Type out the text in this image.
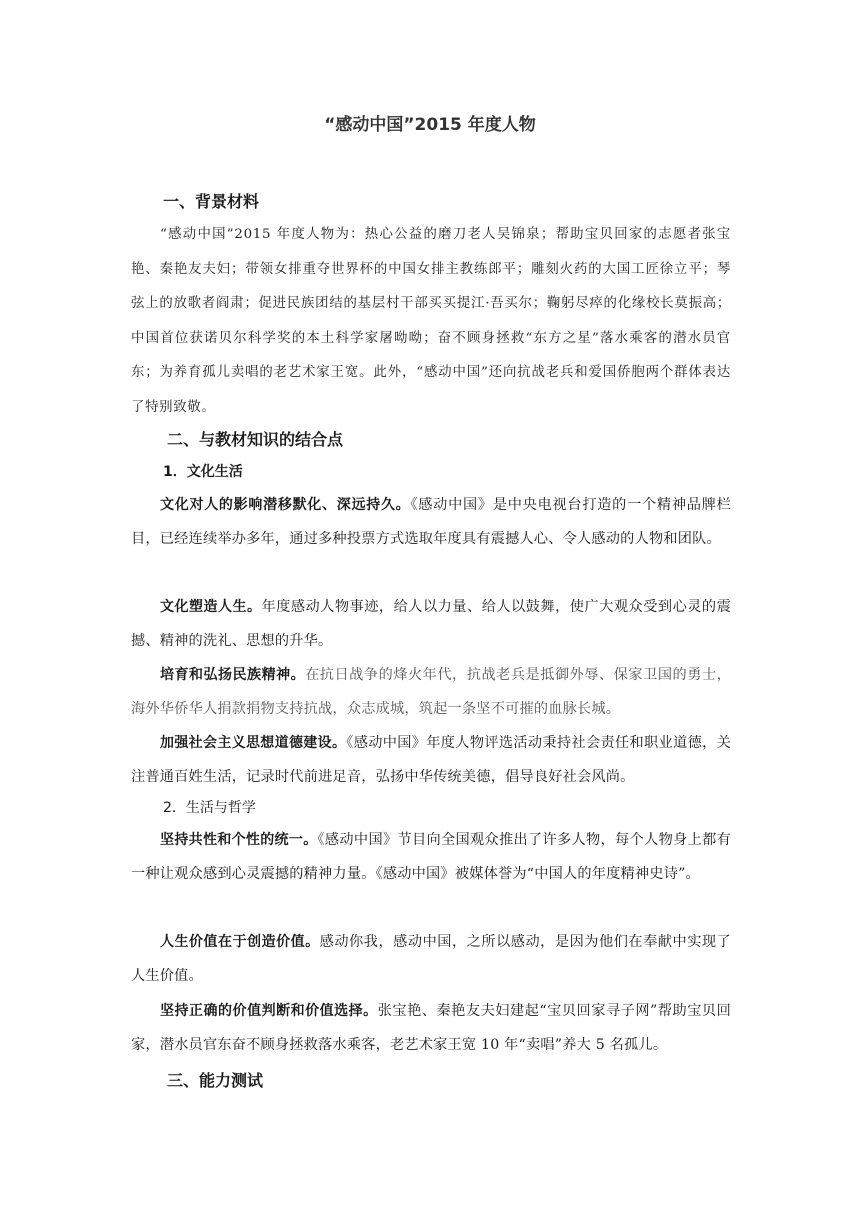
“感动中国”2015 年度人物
一、背景材料
“感动中国”2015 年度人物为：热心公益的磨刀老人吴锦泉；帮助宝贝回家的志愿者张宝艳、秦艳友夫妇；带领女排重夺世界杯的中国女排主教练郎平；雕刻火药的大国工匠徐立平；琴弦上的放歌者阎肃；促进民族团结的基层村干部买买提江·吾买尔；鞠躬尽瘁的化缘校长莫振高；中国首位获诺贝尔科学奖的本土科学家屠呦呦；奋不顾身拯救“东方之星”落水乘客的潜水员官东；为养育孤儿卖唱的老艺术家王宽。此外，“感动中国”还向抗战老兵和爱国侨胞两个群体表达了特别致敬。
二、与教材知识的结合点
1．文化生活
文化对人的影响潜移默化、深远持久。《感动中国》是中央电视台打造的一个精神品牌栏目，已经连续举办多年，通过多种投票方式选取年度具有震撼人心、令人感动的人物和团队。
文化塑造人生。年度感动人物事迹，给人以力量、给人以鼓舞，使广大观众受到心灵的震撼、精神的洗礼、思想的升华。
培育和弘扬民族精神。在抗日战争的烽火年代，抗战老兵是抵御外辱、保家卫国的勇士，海外华侨华人捐款捐物支持抗战，众志成城，筑起一条坚不可摧的血脉长城。
加强社会主义思想道德建设。《感动中国》年度人物评选活动秉持社会责任和职业道德，关注普通百姓生活，记录时代前进足音，弘扬中华传统美德，倡导良好社会风尚。
2．生活与哲学
坚持共性和个性的统一。《感动中国》节目向全国观众推出了许多人物，每个人物身上都有一种让观众感到心灵震撼的精神力量。《感动中国》被媒体誉为“中国人的年度精神史诗”。
人生价值在于创造价值。感动你我，感动中国，之所以感动，是因为他们在奉献中实现了人生价值。
坚持正确的价值判断和价值选择。张宝艳、秦艳友夫妇建起“宝贝回家寻子网”帮助宝贝回家，潜水员官东奋不顾身拯救落水乘客，老艺术家王宽 10 年“卖唱”养大 5 名孤儿。
三、能力测试
